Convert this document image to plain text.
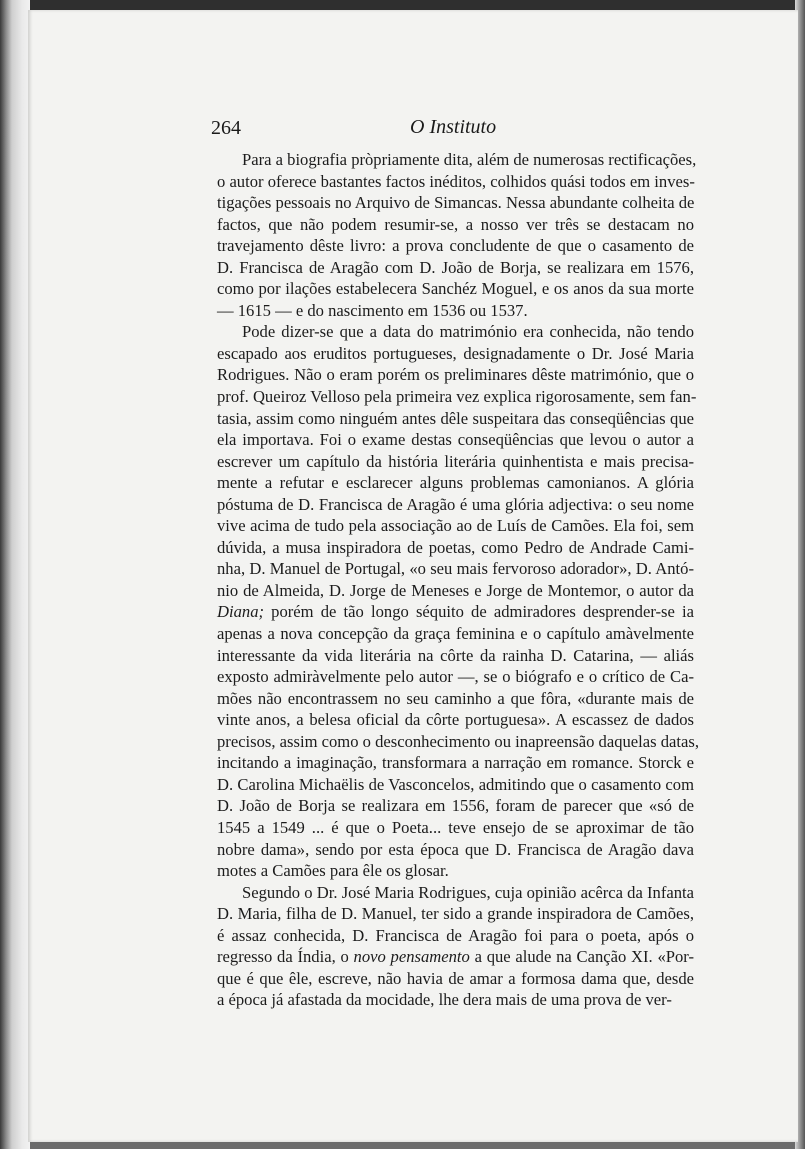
264	O Instituto
Para a biografia pròpriamente dita, além de numerosas rectificações,
o autor oferece bastantes factos inéditos, colhidos quási todos em inves-
tigações pessoais no Arquivo de Simancas. Nessa abundante colheita de
factos, que não podem resumir-se, a nosso ver três se destacam no
travejamento dêste livro: a prova concludente de que o casamento de
D. Francisca de Aragão com D. João de Borja, se realizara em 1576,
como por ilações estabelecera Sanchéz Moguel, e os anos da sua morte
— 1615 — e do nascimento em 1536 ou 1537.
Pode dizer-se que a data do matrimónio era conhecida, não tendo
escapado aos eruditos portugueses, designadamente o Dr. José Maria
Rodrigues. Não o eram porém os preliminares dêste matrimónio, que o
prof. Queiroz Velloso pela primeira vez explica rigorosamente, sem fan-
tasia, assim como ninguém antes dêle suspeitara das conseqüências que
ela importava. Foi o exame destas conseqüências que levou o autor a
escrever um capítulo da história literária quinhentista e mais precisa-
mente a refutar e esclarecer alguns problemas camonianos. A glória
póstuma de D. Francisca de Aragão é uma glória adjectiva: o seu nome
vive acima de tudo pela associação ao de Luís de Camões. Ela foi, sem
dúvida, a musa inspiradora de poetas, como Pedro de Andrade Cami-
nha, D. Manuel de Portugal, «o seu mais fervoroso adorador», D. Antó-
nio de Almeida, D. Jorge de Meneses e Jorge de Montemor, o autor da
Diana; porém de tão longo séquito de admiradores desprender-se ia
apenas a nova concepção da graça feminina e o capítulo amàvelmente
interessante da vida literária na côrte da rainha D. Catarina, — aliás
exposto admiràvelmente pelo autor —, se o biógrafo e o crítico de Ca-
mões não encontrassem no seu caminho a que fôra, «durante mais de
vinte anos, a belesa oficial da côrte portuguesa». A escassez de dados
precisos, assim como o desconhecimento ou inapreensão daquelas datas,
incitando a imaginação, transformara a narração em romance. Storck e
D. Carolina Michaëlis de Vasconcelos, admitindo que o casamento com
D. João de Borja se realizara em 1556, foram de parecer que «só de
1545 a 1549 ... é que o Poeta... teve ensejo de se aproximar de tão
nobre dama», sendo por esta época que D. Francisca de Aragão dava
motes a Camões para êle os glosar.
Segundo o Dr. José Maria Rodrigues, cuja opinião acêrca da Infanta
D. Maria, filha de D. Manuel, ter sido a grande inspiradora de Camões,
é assaz conhecida, D. Francisca de Aragão foi para o poeta, após o
regresso da Índia, o novo pensamento a que alude na Canção XI. «Por-
que é que êle, escreve, não havia de amar a formosa dama que, desde
a época já afastada da mocidade, lhe dera mais de uma prova de ver-
